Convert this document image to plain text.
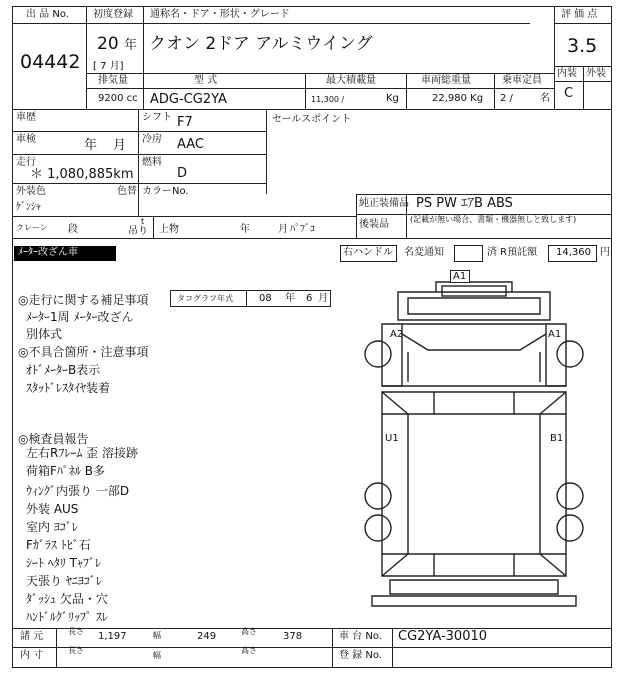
出 品 No.
04442
初度登録
20 年
[ 7 月]
通称名・ドア・形状・グレード
クオン 2ドア アルミウイング
評 価 点
3.5
内装 外装
C
排気量
9200 cc
型 式
ADG-CG2YA
最大積載量
11,300 /	Kg
車両総重量
22,980 Kg
乗車定員
2 /	名
車歴	シフト F7	セールスポイント
車検	年 月 冷房 AAC
走行
＊ 1,080,885km
燃料
D
外装色
ｹﾞﾝｼｬ
色替 カラーNo.
純正装備品 PS PW ｴｱB ABS
後装品	(記載が無い場合、書類・機器無しと致します)
クレーン 段
t
吊り 上物	年	月 ﾊﾟﾌﾞｺ
ﾒｰﾀｰ改ざん車	右ハンドル 名変通知	済 R預託額 14,360 円
タコグラフ年式	08 年 6 月
◎走行に関する補足事項
ﾒｰﾀｰ1周 ﾒｰﾀｰ改ざん
別体式
◎不具合箇所・注意事項
ｵﾄﾞﾒｰﾀｰB表示
ｽﾀｯﾄﾞﾚｽﾀｲﾔ装着
◎検査員報告
左右Rﾌﾚｰﾑ 歪 溶接跡
荷箱Fﾊﾟﾈﾙ B多
ｳｨﾝｸﾞ内張り 一部D
外装 AUS
室内 ﾖｺﾞﾚ
Fｶﾞﾗｽ ﾄﾋﾞ石
ｼｰﾄ ﾍﾀﾘ Tｬﾌﾞﾚ
天張り ﾔﾆﾖｺﾞﾚ
ﾀﾞｯｼｭ 欠品・穴
ﾊﾝﾄﾞﾙｸﾞﾘｯﾌﾟ ｽﾚ
A1
A2	A1
U1	B1
諸 元
内 寸
長さ 1,197	幅	249	高さ	378
長さ
幅
高さ
車 台 No. CG2YA-30010
登 録 No.
